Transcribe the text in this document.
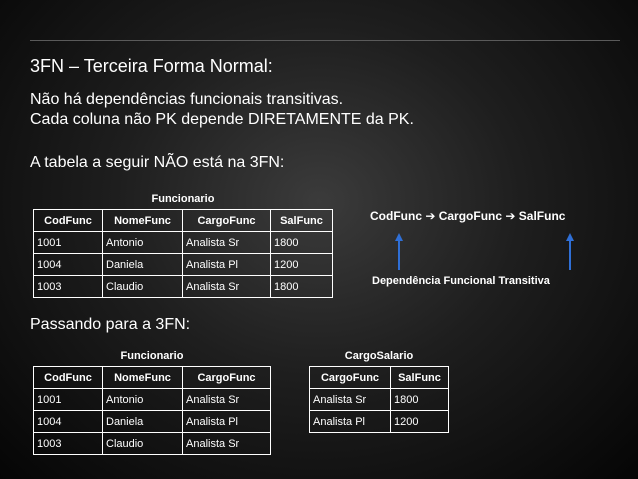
3FN – Terceira Forma Normal:
Não há dependências funcionais transitivas.
Cada coluna não PK depende DIRETAMENTE da PK.
A tabela a seguir NÃO está na 3FN:
Passando para a 3FN:
Funcionario			
CodFunc	NomeFunc	CargoFunc	SalFunc
1001	Antonio	Analista Sr	1800
1004	Daniela	Analista Pl	1200
1003	Claudio	Analista Sr	1800
CodFunc ➔ CargoFunc ➔ SalFunc
Dependência Funcional Transitiva
Funcionario		
CodFunc	NomeFunc	CargoFunc
1001	Antonio	Analista Sr
1004	Daniela	Analista Pl
1003	Claudio	Analista Sr
CargoSalario	
CargoFunc	SalFunc
Analista Sr	1800
Analista Pl	1200
